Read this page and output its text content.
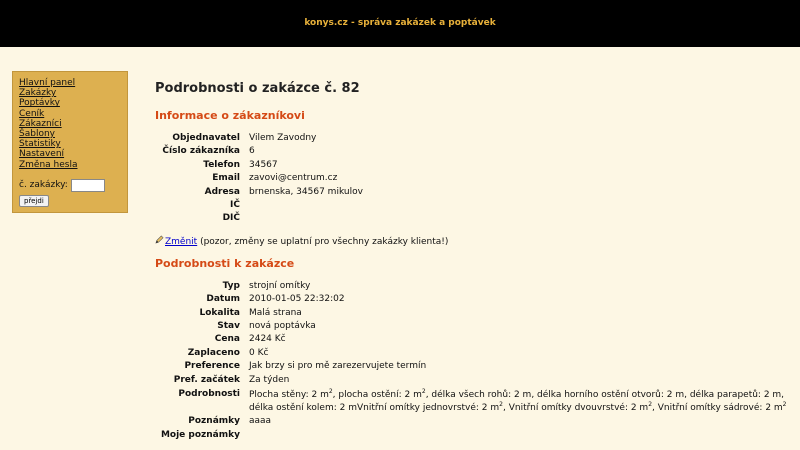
konys.cz - správa zakázek a poptávek
Hlavní panel
Zakázky
Poptávky
Ceník
Zákazníci
Šablony
Statistiky
Nastavení
Změna hesla
č. zakázky:
přejdi
Podrobnosti o zakázce č. 82
Informace o zákazníkovi
Objednavatel Vilem Zavodny
Číslo zákazníka 6
Telefon 34567
Email zavovi@centrum.cz
Adresa brnenska, 34567 mikulov
IČ
DIČ
Změnit (pozor, změny se uplatní pro všechny zakázky klienta!)
Podrobnosti k zakázce
Typ strojní omítky
Datum 2010-01-05 22:32:02
Lokalita Malá strana
Stav nová poptávka
Cena 2424 Kč
Zaplaceno 0 Kč
Preference Jak brzy si pro mě zarezervujete termín
Pref. začátek Za týden
Podrobnosti Plocha stěny: 2 $m^2$, plocha ostění: 2 $m^2$, délka všech rohů: 2 m, délka horního ostění otvorů: 2 m, délka parapetů: 2 m, délka ostění kolem: 2 mVnitřní omítky jednovrstvé: 2 $m^2$, Vnitřní omítky dvouvrstvé: 2 $m^2$, Vnitřní omítky sádrové: 2 $m^2$
Poznámky aaaa
Moje poznámky
